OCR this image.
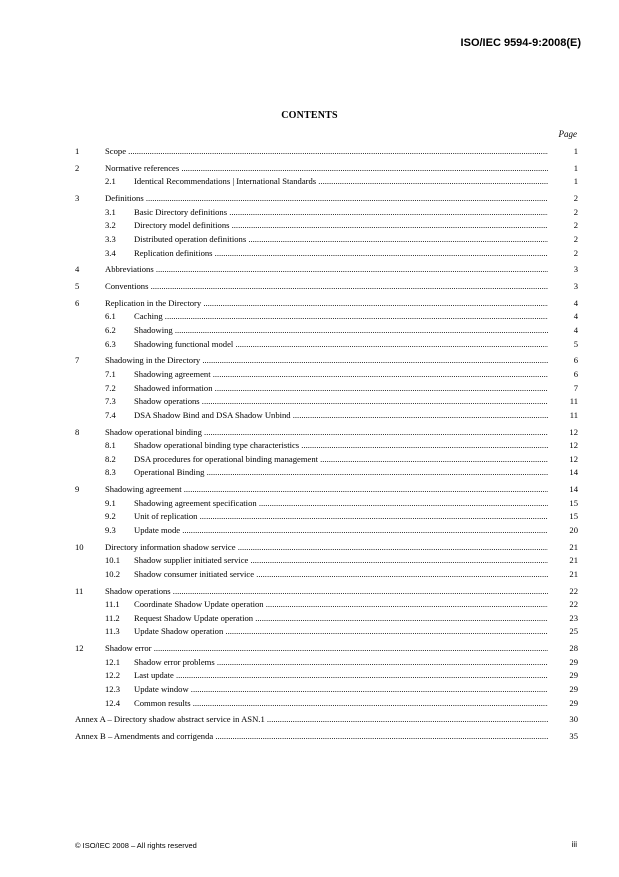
ISO/IEC 9594-9:2008(E)
CONTENTS
Page
1	Scope .....	1
2	Normative references .....	1
2.1 Identical Recommendations | International Standards .....	1
3	Definitions .....	2
3.1 Basic Directory definitions .....	2
3.2 Directory model definitions .....	2
3.3 Distributed operation definitions .....	2
3.4 Replication definitions .....	2
4	Abbreviations .....	3
5	Conventions .....	3
6	Replication in the Directory .....	4
6.1 Caching .....	4
6.2 Shadowing .....	4
6.3 Shadowing functional model .....	5
7	Shadowing in the Directory .....	6
7.1 Shadowing agreement .....	6
7.2 Shadowed information .....	7
7.3 Shadow operations .....	11
7.4 DSA Shadow Bind and DSA Shadow Unbind .....	11
8	Shadow operational binding .....	12
8.1 Shadow operational binding type characteristics .....	12
8.2 DSA procedures for operational binding management .....	12
8.3 Operational Binding .....	14
9	Shadowing agreement .....	14
9.1 Shadowing agreement specification .....	15
9.2 Unit of replication .....	15
9.3 Update mode .....	20
10 Directory information shadow service .....	21
10.1 Shadow supplier initiated service .....	21
10.2 Shadow consumer initiated service .....	21
11	Shadow operations .....	22
11.1 Coordinate Shadow Update operation .....	22
11.2 Request Shadow Update operation .....	23
11.3 Update Shadow operation .....	25
12 Shadow error .....	28
12.1 Shadow error problems .....	29
12.2 Last update .....	29
12.3 Update window .....	29
12.4 Common results .....	29
Annex A – Directory shadow abstract service in ASN.1 .....	30
Annex B – Amendments and corrigenda .....	35
© ISO/IEC 2008 – All rights reserved	iii
